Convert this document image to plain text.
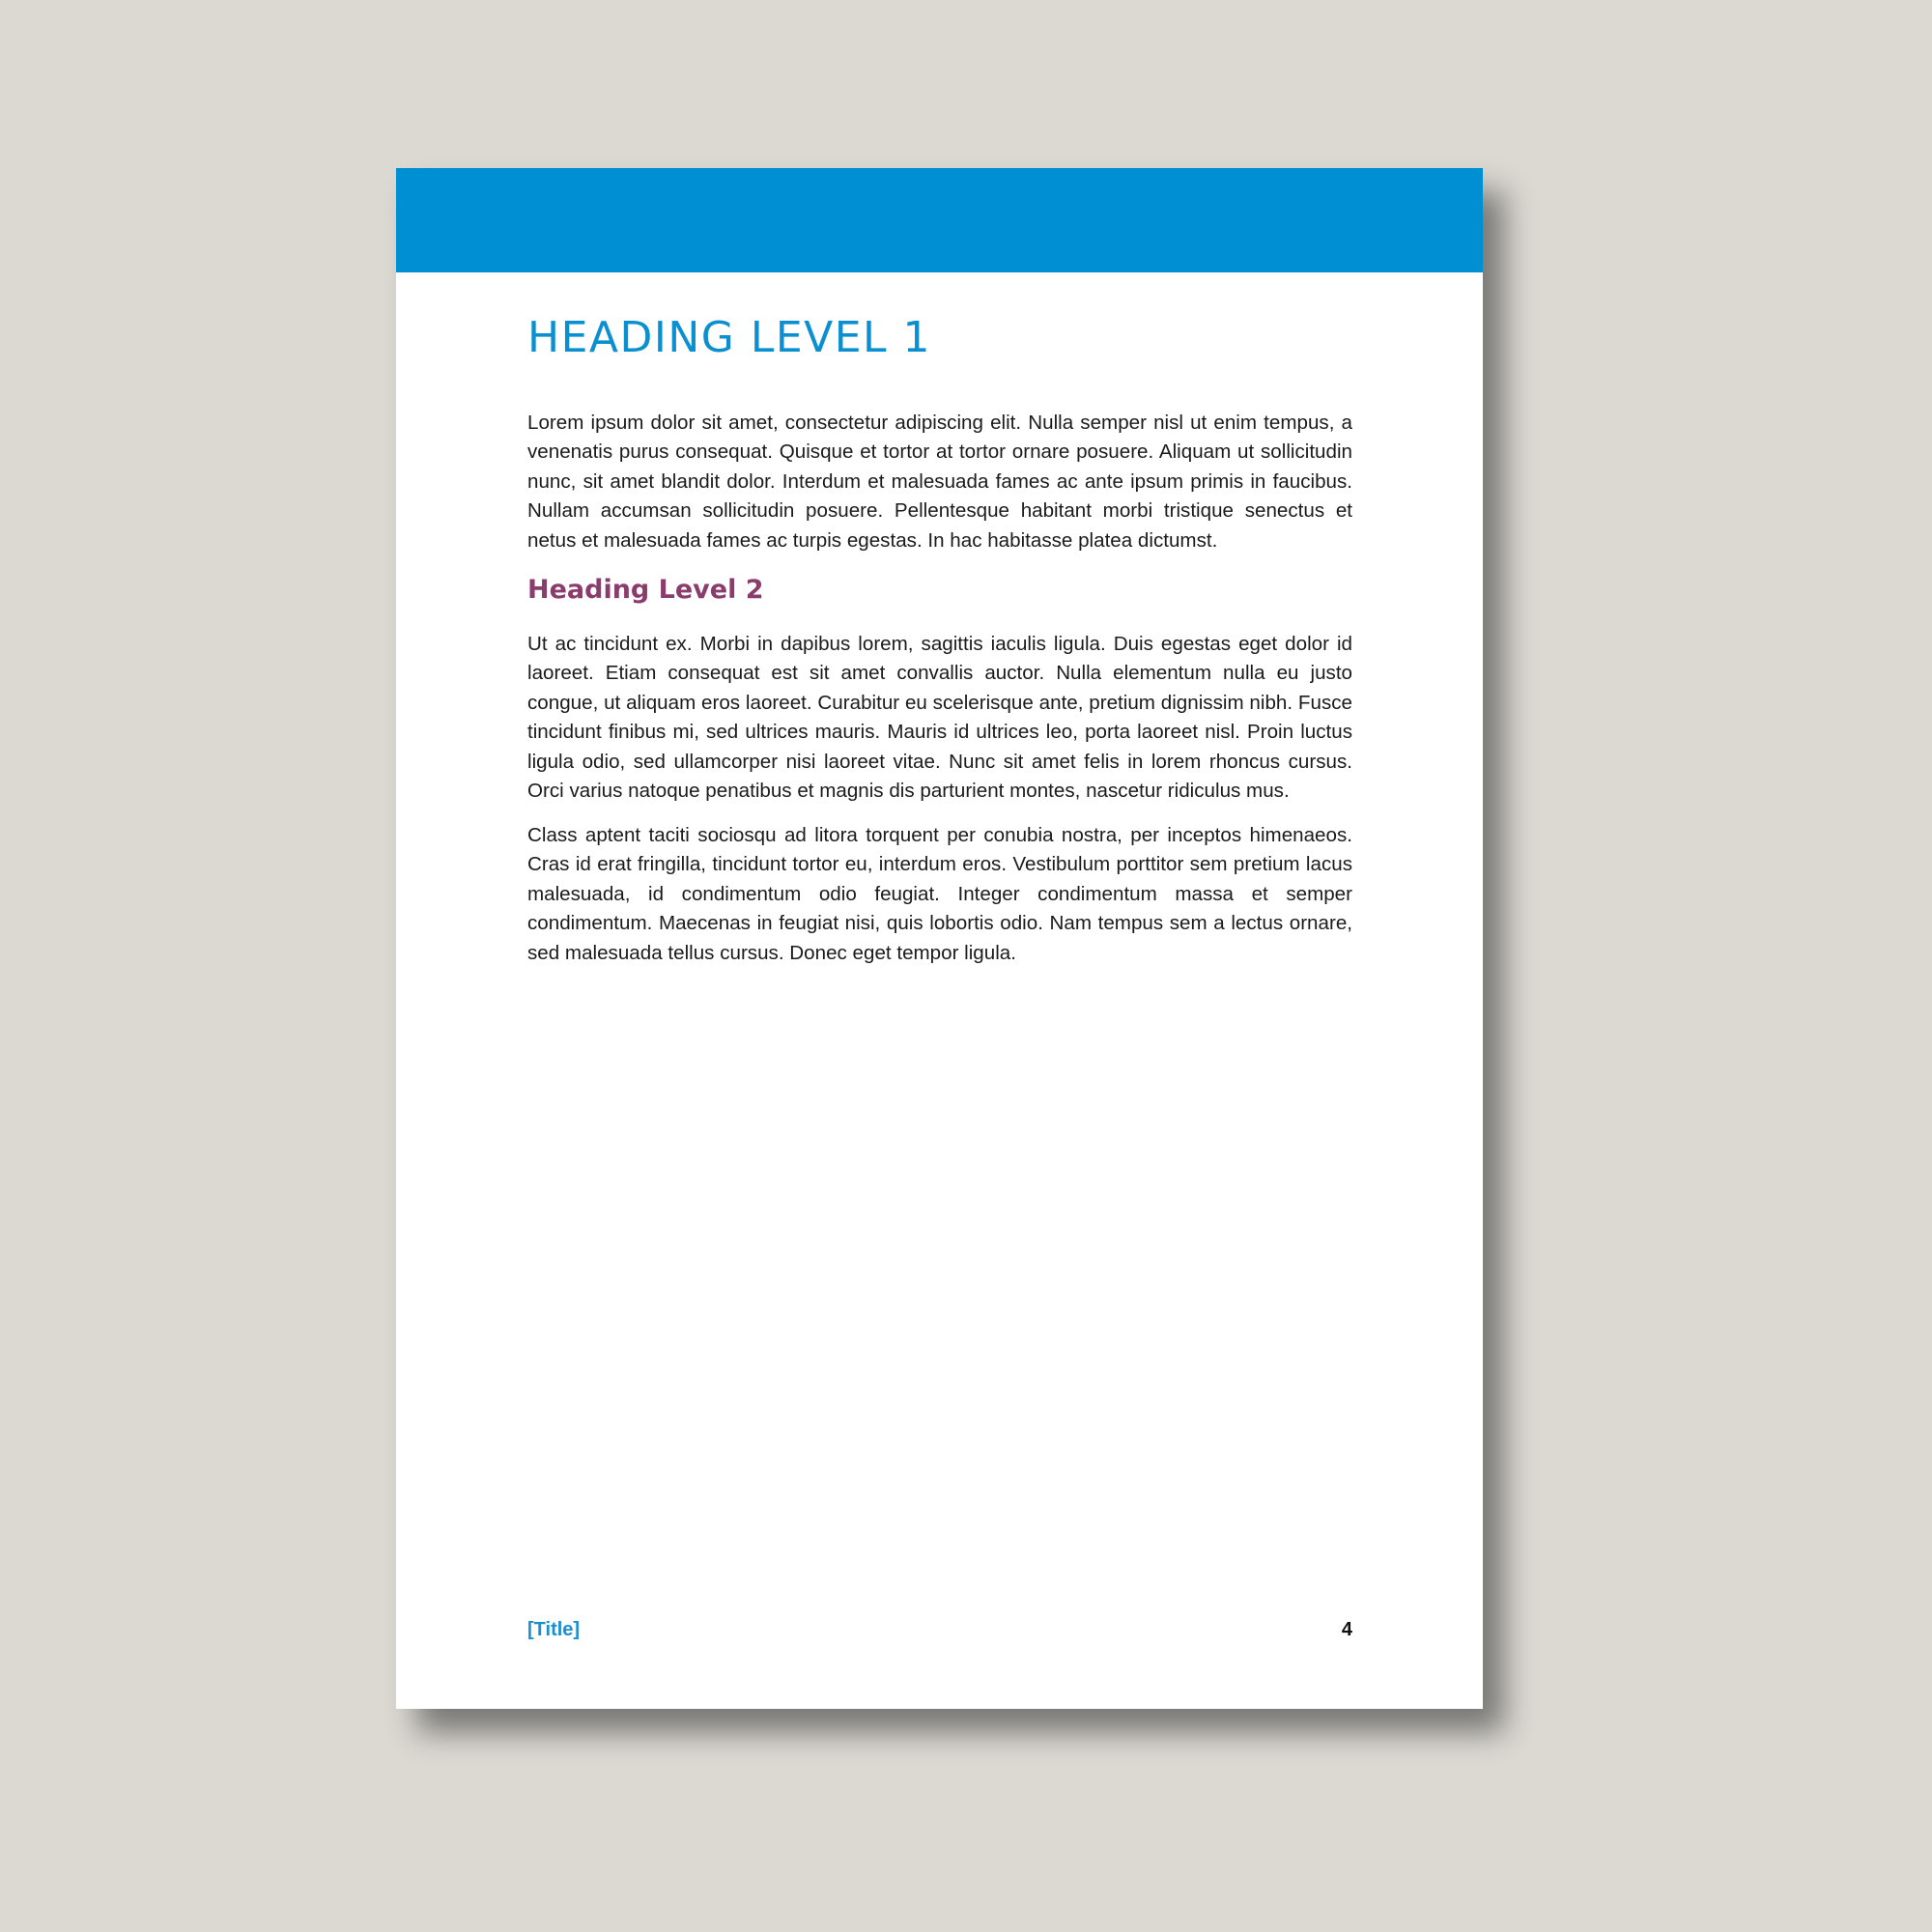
HEADING LEVEL 1

Lorem ipsum dolor sit amet, consectetur adipiscing elit. Nulla semper nisl ut enim tempus, a venenatis purus consequat. Quisque et tortor at tortor ornare posuere. Aliquam ut sollicitudin nunc, sit amet blandit dolor. Interdum et malesuada fames ac ante ipsum primis in faucibus. Nullam accumsan sollicitudin posuere. Pellentesque habitant morbi tristique senectus et netus et malesuada fames ac turpis egestas. In hac habitasse platea dictumst.

Heading Level 2

Ut ac tincidunt ex. Morbi in dapibus lorem, sagittis iaculis ligula. Duis egestas eget dolor id laoreet. Etiam consequat est sit amet convallis auctor. Nulla elementum nulla eu justo congue, ut aliquam eros laoreet. Curabitur eu scelerisque ante, pretium dignissim nibh. Fusce tincidunt finibus mi, sed ultrices mauris. Mauris id ultrices leo, porta laoreet nisl. Proin luctus ligula odio, sed ullamcorper nisi laoreet vitae. Nunc sit amet felis in lorem rhoncus cursus. Orci varius natoque penatibus et magnis dis parturient montes, nascetur ridiculus mus.

Class aptent taciti sociosqu ad litora torquent per conubia nostra, per inceptos himenaeos. Cras id erat fringilla, tincidunt tortor eu, interdum eros. Vestibulum porttitor sem pretium lacus malesuada, id condimentum odio feugiat. Integer condimentum massa et semper condimentum. Maecenas in feugiat nisi, quis lobortis odio. Nam tempus sem a lectus ornare, sed malesuada tellus cursus. Donec eget tempor ligula.

[Title]	4
